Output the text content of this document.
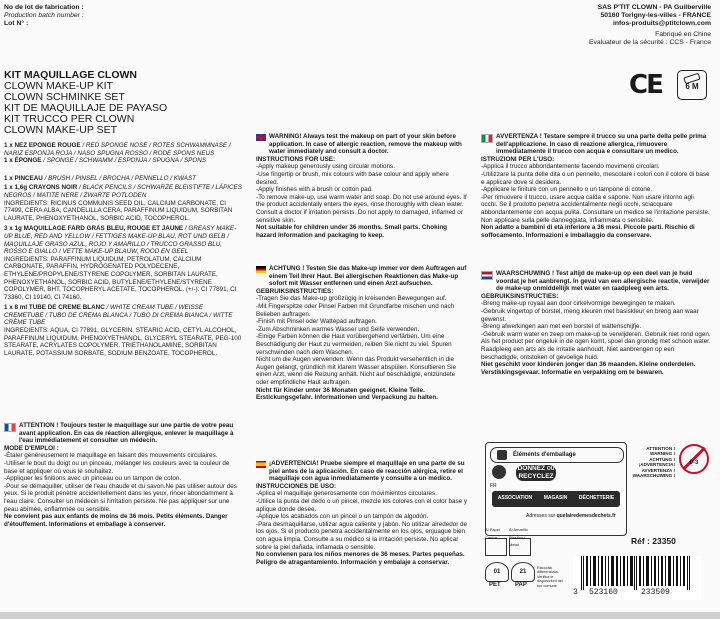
No de lot de fabrication :

Production batch number :

Lot N° :

KIT MAQUILLAGE CLOWN

CLOWN MAKE-UP KIT

CLOWN SCHMINKE SET

KIT DE MAQUILLAJE DE PAYASO

KIT TRUCCO PER CLOWN

CLOWN MAKE-UP SET

1 x NEZ EPONGE ROUGE / RED SPONGE NOSE / ROTES SCHWAMMNASE / NARIZ ESPONJA ROJA / NASO SPUGNA ROSSO / RODE SPONS NEUS

1 x ÉPONGE / SPONGE / SCHWAMM / ESPONJA / SPUGNA / SPONS

1 x PINCEAU / BRUSH / PINSEL / BROCHA / PENNELLO / KWAST

1 x 1,6g CRAYONS NOIR / BLACK PENCILS / SCHWARZE BLEISTIFTE / LÁPICES NEGROS / MATITE NERE / ZWARTE POTLODEN

INGREDIENTS: RICINUS COMMUNIS SEED OIL, CALCIUM CARBONATE, CI 77499, CERA ALBA, CANDELILLA CERA, PARAFFINUM LIQUIDUM, SORBITAN LAURATE, PHENOXYETHANOL, SORBIC ACID, TOCOPHEROL.

3 x 1g MAQUILLAGE FARD GRAS BLEU, ROUGE ET JAUNE / GREASY MAKE-UP BLUE, RED AND YELLOW / FETTIGES MAKE-UP BLAU, ROT UND GELB / MAQUILLAJE GRASO AZUL, ROJO Y AMARILLO / TRUCCO GRASSO BLU, ROSSO E GIALLO / VETTE MAKE-UP BLAUW, ROOD EN GEEL

INGREDIENTS: PARAFFINUM LIQUIDUM, PETROLATUM, CALCIUM CARBONATE, PARAFFIN, HYDROGENATED POLYDECENE, ETHYLENE/PROPYLENE/STYRENE COPOLYMER, SORBITAN LAURATE, PHENOXYETHANOL, SORBIC ACID, BUTYLENE/ETHYLENE/STYRENE COPOLYMER, BHT, TOCOPHERYL ACETATE, TOCOPHEROL. (+/-): CI 77891, CI 73360, CI 19140, CI 74160.

1 x 8 ml TUBE DE CREME BLANC / WHITE CREAM TUBE / WEISSE CREMETUBE / TUBO DE CREMA BLANCA / TUBO DI CREMA BIANCA / WITTE CRÈME TUBE

INGREDIENTS: AQUA, CI 77891, GLYCERIN, STEARIC ACID, CETYL ALCOHOL, PARAFFINUM LIQUIDUM, PHENOXYETHANOL, GLYCERYL STEARATE, PEG-100 STEARATE, ACRYLATES COPOLYMER, TRIETHANOLAMINE, SORBITAN LAURATE, POTASSIUM SORBATE, SODIUM BENZOATE, TOCOPHEROL.

ATTENTION ! Toujours tester le maquillage sur une partie de votre peau avant application. En cas de réaction allergique, enlever le maquillage à l'eau immédiatement et consulter un médecin.

MODE D'EMPLOI :

-Étaler généreusement le maquillage en faisant des mouvements circulaires.

-Utiliser le bout du doigt ou un pinceau, mélanger les couleurs avec la couleur de base et appliquer où vous le souhaitez.

-Appliquer les finitions avec un pinceau ou un tampon de coton.

-Pour se démaquiller, utiliser de l'eau chaude et du savon.Ne pas utiliser autour des yeux. Si le produit pénètre accidentellement dans les yeux, rincer abondamment à l'eau claire. Consulter un médecin si l'irritation persiste. Ne pas appliquer sur une peau abîmée, enflammée ou sensible.

Ne convient pas aux enfants de moins de 36 mois. Petits éléments. Danger d'étouffement. Informations et emballage à conserver.

WARNING! Always test the makeup on part of your skin before application. In case of allergic reaction, remove the makeup with water immediately and consult a doctor.

INSTRUCTIONS FOR USE:

-Apply makeup generously using circular motions.

-Use fingertip or brush, mix colours with base colour and apply where desired.

-Apply finishes with a brush or cotton pad.

-To remove make-up, use warm water and soap. Do not use around eyes. If the product accidentally enters the eyes, rinse thoroughly with clean water. Consult a doctor if irritation persists. Do not apply to damaged, inflamed or sensitive skin.

Not suitable for children under 36 months. Small parts. Choking hazard Information and packaging to keep.

ACHTUNG ! Testen Sie das Make-up immer vor dem Auftragen auf einem Teil Ihrer Haut. Bei allergischen Reaktionen das Make-up sofort mit Wasser entfernen und einen Arzt aufsuchen.

GEBRUIKSINSTRUCTIES:

-Tragen Sie das Make-up großzügig in kreisenden Bewegungen auf.

-Mit Fingerspitze oder Pinsel Farben mit Grundfarbe mischen und nach Belieben auftragen.

-Finish mit Pinsel oder Wattepad auftragen.

-Zum Abschminken warmes Wasser und Seife verwenden.

-Einige Farben können die Haut vorübergehend verfärben. Um eine Beschädigung der Haut zu vermeiden, reiben Sie nicht zu viel. Spuren verschwinden nach dem Waschen.

Nicht um die Augen verwenden. Wenn das Produkt versehentlich in die Augen gelangt, gründlich mit klarem Wasser abspülen. Konsultieren Sie einen Arzt, wenn die Reizung anhält. Nicht auf beschädigte, entzündete oder empfindliche Haut auftragen.

Nicht für Kinder unter 36 Monaten geeignet. Kleine Teile. Erstickungsgefahr. Informationen und Verpackung zu halten.

¡ADVERTENCIA! Pruebe siempre el maquillaje en una parte de su piel antes de la aplicación. En caso de reacción alérgica, retire el maquillaje con agua inmediatamente y consulte a un médico.

INSTRUCCIONES DE USO:

-Aplica el maquillaje generosamente con movimientos circulares.

-Utilice la punta del dedo o un pincel, mezcle los colores con el color base y aplique donde desee.

-Aplique los acabados con un pincel o un tampón de algodón.

-Para desmaquillarse, utilizar agua caliente y jabón. No utilizar alrededor de los ojos. Si el producto penetra accidentalmente en los ojos, enjuague bien con agua limpia. Consulte a su médico si la irritación persiste. No aplicar sobre la piel dañada, inflamada o sensible.

No convienen para los niños menores de 36 meses. Partes pequeñas. Peligro de atragantamiento. Información y embalaje a conservar.

SAS P'TIT CLOWN - PA Guilberville

50160 Torigny-les-villes - FRANCE

infos-produits@ptitclown.com

Fabriqué en Chine

Evaluateur de la sécurité : CCS - France

CE	6 M
AVVERTENZA ! Testare sempre il trucco su una parte della pelle prima dell'applicazione. In caso di reazione allergica, rimuovere immediatamente il trucco con acqua e consultare un medico.

ISTRUZIONI PER L'USO:

-Applica il trucco abbondantemente facendo movimenti circolari.

-Utilizzare la punta delle dita o un pennello, mescolare i colori con il colore di base e applicare dove si desidera.

-Applicare le finiture con un pennello o un tampone di cotone.

-Per rimuovere il trucco, usare acqua calda e sapone. Non usare intorno agli occhi. Se il prodotto penetra accidentalmente negli occhi, sciacquare abbondantemente con acqua pulita. Consultare un medico se l'irritazione persiste. Non applicare sulla pelle danneggiata, infiammata o sensibile.

Non adatto a bambini di età inferiore a 36 mesi. Piccole parti. Rischio di soffocamento. Informazioni e imballaggio da conservare.

WAARSCHUWING ! Test altijd de make-up op een deel van je huid voordat je het aanbrengt. In geval van een allergische reactie, verwijder de make-up onmiddellijk met water en raadpleeg een arts.

GEBRUIKSINSTRUCTIES:

-Breng make-up royaal aan door cirkelvormige bewegingen te maken.

-Gebruik vingertop of borstel, meng kleuren met basiskleur en breng aan waar gewenst.

-Breng afwerkingen aan met een borstel of wattenschijfje.

-Gebruik warm water en zeep om make-up te verwijderen. Gebruik niet rond ogen. Als het product per ongeluk in de ogen komt, spoel dan grondig met schoon water. Raadpleeg een arts als de irritatie aanhoudt. Niet aanbrengen op een beschadigde, ontstoken of gevoelige huid.

Niet geschikt voor kinderen jonger dan 36 maanden. Kleine onderdelen. Verstikkingsgevaar. Informatie en verpakking om te bewaren.

Éléments d'emballage
DONNEZ OU
RECYCLEZ
FR
ASSOCIATION MAGASIN DÉCHETTERIE
Adresses sur quefairedemesdechets.fr

ATTENTION !

WARNING !

ACHTUNG !

¡ADVERTENCIA!

AVVERTENZA !

WAARSCHUWING !

0-3
Réf : 23350
Al Papel Carton
Al Amarillo Plastico / Metal
01	21
PET PAP
Raccolta differenziata. Verifica le disposizioni del tuo comune
3 523160	233509
